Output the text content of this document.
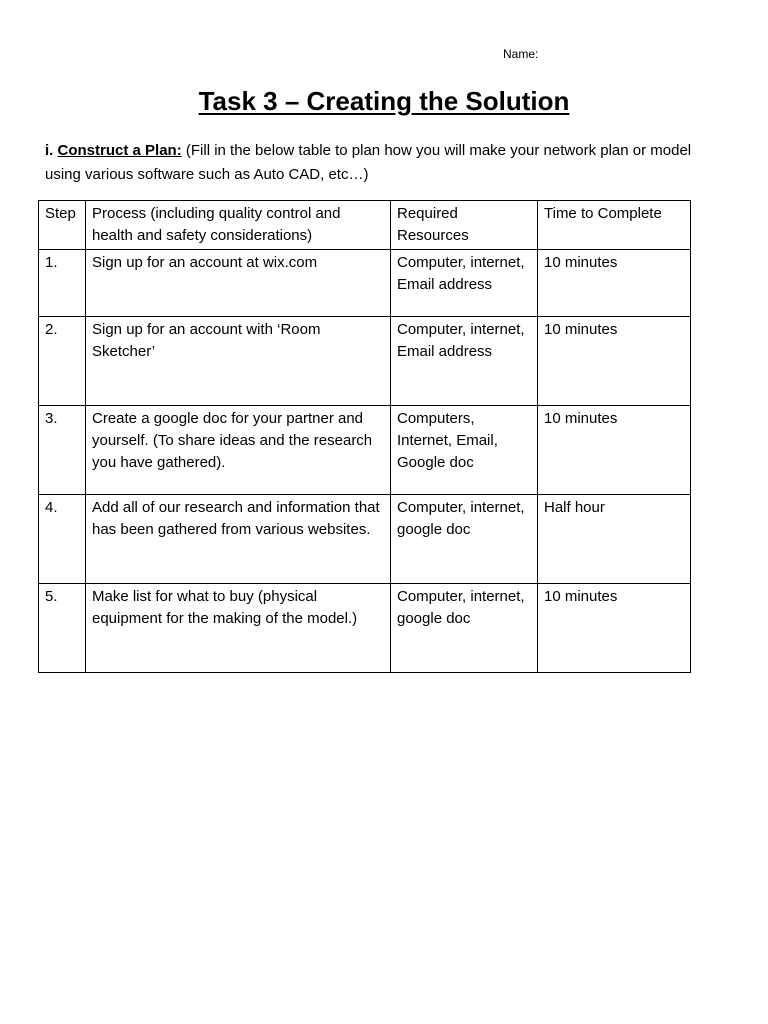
Name:
Task 3 – Creating the Solution
i. Construct a Plan: (Fill in the below table to plan how you will make your network plan or model using various software such as Auto CAD, etc…)
Step	Process (including quality control and health and safety considerations)	Required Resources	Time to Complete
1.	Sign up for an account at wix.com	Computer, internet, Email address	10 minutes
2.	Sign up for an account with ‘Room Sketcher’	Computer, internet, Email address	10 minutes
3.	Create a google doc for your partner and yourself. (To share ideas and the research you have gathered).	Computers, Internet, Email, Google doc	10 minutes
4.	Add all of our research and information that has been gathered from various websites.	Computer, internet, google doc	Half hour
5.	Make list for what to buy (physical equipment for the making of the model.)	Computer, internet, google doc	10 minutes
